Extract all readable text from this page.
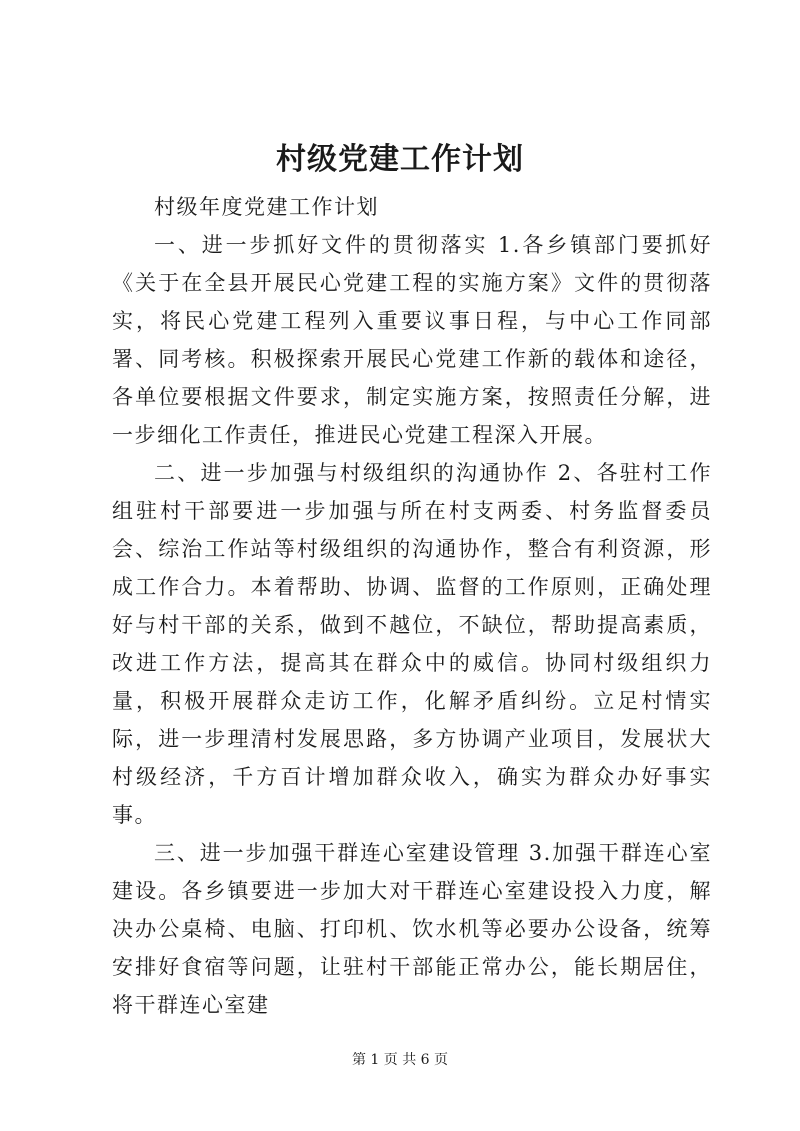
村级党建工作计划

村级年度党建工作计划

一、进一步抓好文件的贯彻落实 1.各乡镇部门要抓好《关于在全县开展民心党建工程的实施方案》文件的贯彻落实，将民心党建工程列入重要议事日程，与中心工作同部署、同考核。积极探索开展民心党建工作新的载体和途径，各单位要根据文件要求，制定实施方案，按照责任分解，进一步细化工作责任，推进民心党建工程深入开展。

二、进一步加强与村级组织的沟通协作 2、各驻村工作组驻村干部要进一步加强与所在村支两委、村务监督委员会、综治工作站等村级组织的沟通协作，整合有利资源，形成工作合力。本着帮助、协调、监督的工作原则，正确处理好与村干部的关系，做到不越位，不缺位，帮助提高素质，改进工作方法，提高其在群众中的威信。协同村级组织力量，积极开展群众走访工作，化解矛盾纠纷。立足村情实际，进一步理清村发展思路，多方协调产业项目，发展状大村级经济，千方百计增加群众收入，确实为群众办好事实事。

三、进一步加强干群连心室建设管理 3.加强干群连心室建设。各乡镇要进一步加大对干群连心室建设投入力度，解决办公桌椅、电脑、打印机、饮水机等必要办公设备，统筹安排好食宿等问题，让驻村干部能正常办公，能长期居住，将干群连心室建

第 1 页 共 6 页
